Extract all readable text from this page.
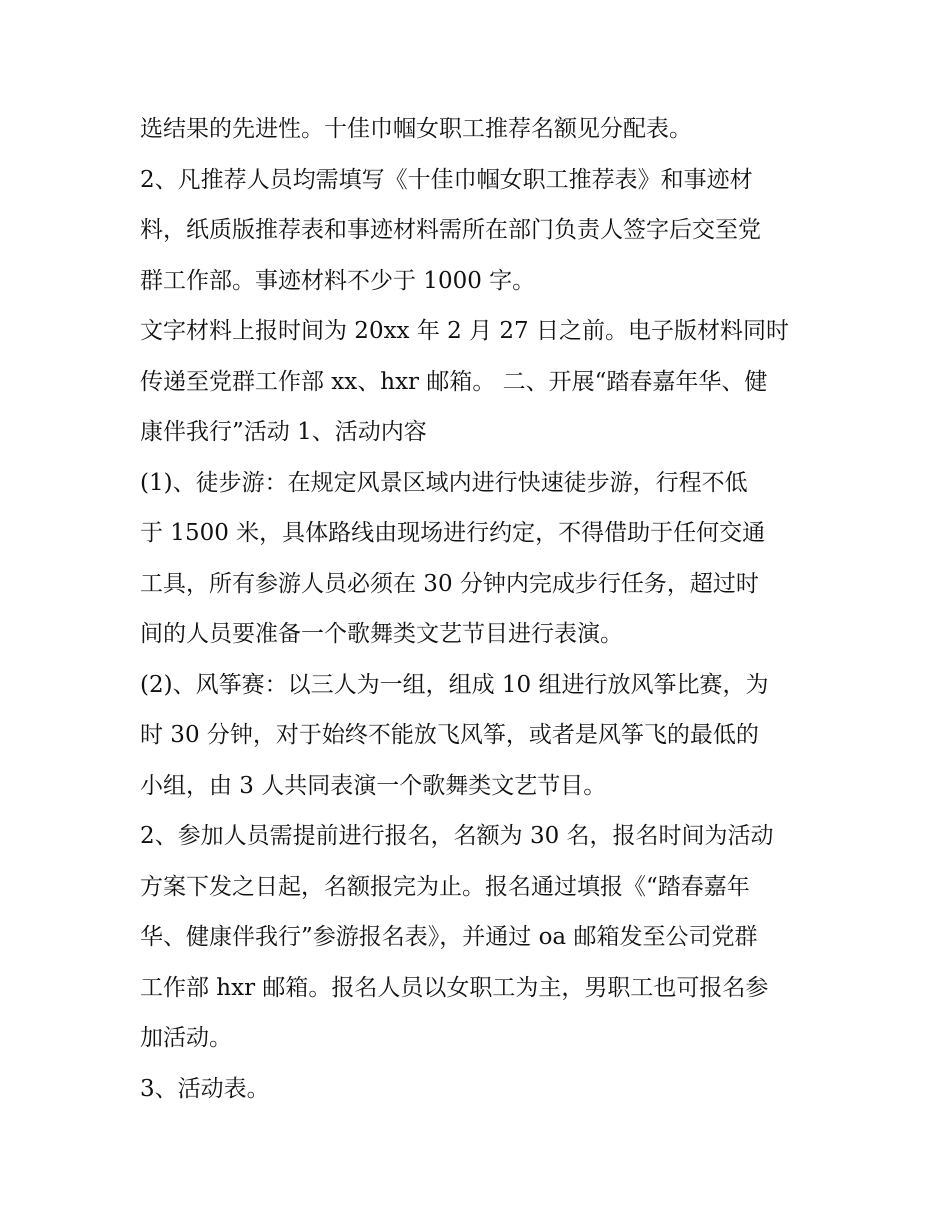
选结果的先进性。十佳巾帼女职工推荐名额见分配表。
2、凡推荐人员均需填写《十佳巾帼女职工推荐表》和事迹材
料，纸质版推荐表和事迹材料需所在部门负责人签字后交至党
群工作部。事迹材料不少于 1000 字。
文字材料上报时间为 20xx 年 2 月 27 日之前。电子版材料同时
传递至党群工作部 xx、hxr 邮箱。 二、开展“踏春嘉年华、健
康伴我行”活动 1、活动内容
(1)、徒步游：在规定风景区域内进行快速徒步游，行程不低
于 1500 米，具体路线由现场进行约定，不得借助于任何交通
工具，所有参游人员必须在 30 分钟内完成步行任务，超过时
间的人员要准备一个歌舞类文艺节目进行表演。
(2)、风筝赛：以三人为一组，组成 10 组进行放风筝比赛，为
时 30 分钟，对于始终不能放飞风筝，或者是风筝飞的最低的
小组，由 3 人共同表演一个歌舞类文艺节目。
2、参加人员需提前进行报名，名额为 30 名，报名时间为活动
方案下发之日起，名额报完为止。报名通过填报《“踏春嘉年
华、健康伴我行”参游报名表》，并通过 oa 邮箱发至公司党群
工作部 hxr 邮箱。报名人员以女职工为主，男职工也可报名参
加活动。
3、活动表。
